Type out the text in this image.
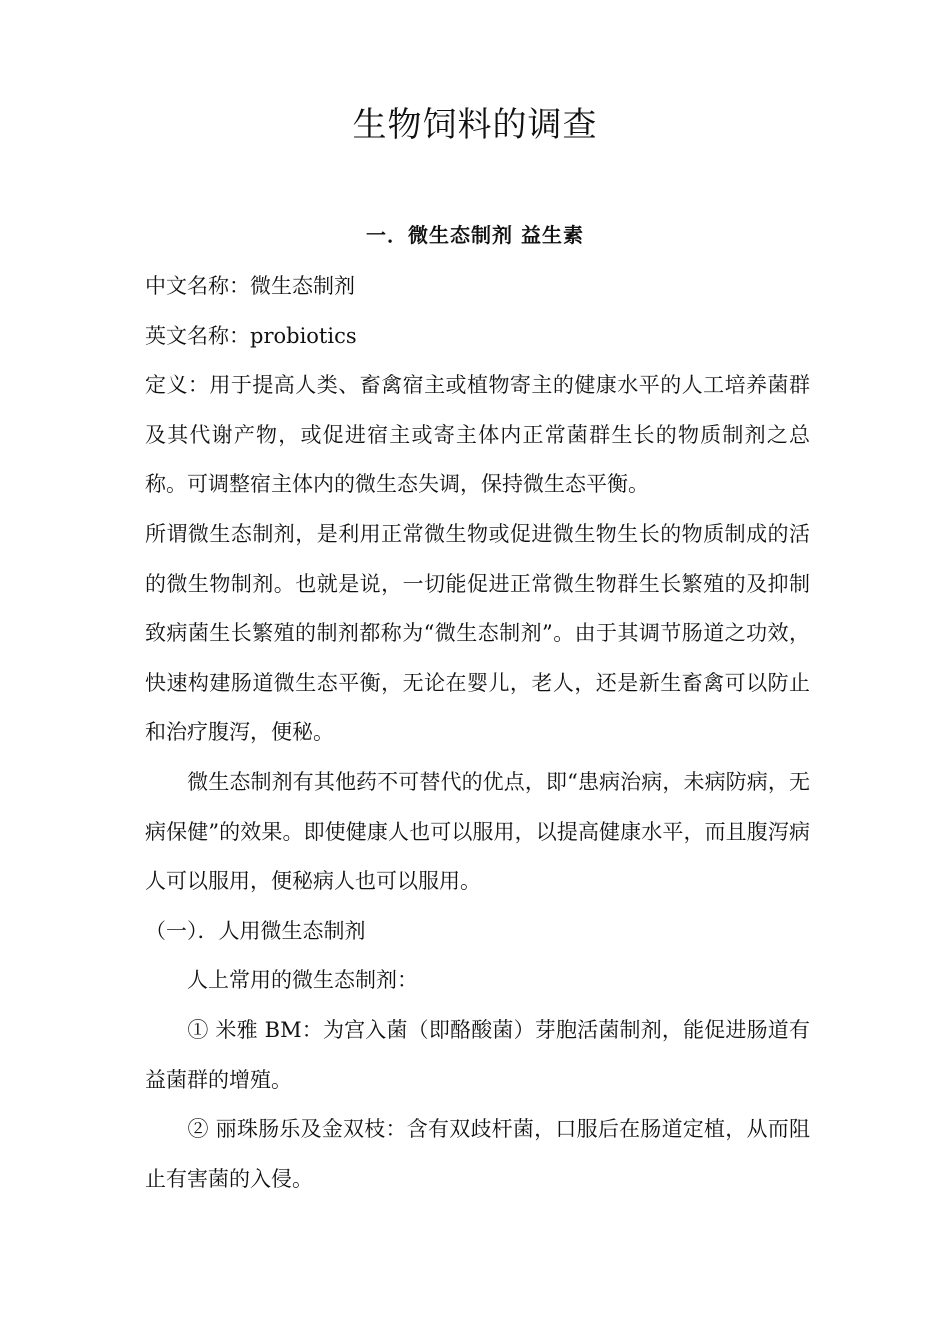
生物饲料的调查
一．微生态制剂 益生素

中文名称：微生态制剂

英文名称：probiotics

定义：用于提高人类、畜禽宿主或植物寄主的健康水平的人工培养菌群及其代谢产物，或促进宿主或寄主体内正常菌群生长的物质制剂之总称。可调整宿主体内的微生态失调，保持微生态平衡。

所谓微生态制剂，是利用正常微生物或促进微生物生长的物质制成的活的微生物制剂。也就是说，一切能促进正常微生物群生长繁殖的及抑制致病菌生长繁殖的制剂都称为“微生态制剂”。由于其调节肠道之功效，快速构建肠道微生态平衡，无论在婴儿，老人，还是新生畜禽可以防止和治疗腹泻，便秘。

　　微生态制剂有其他药不可替代的优点，即“患病治病，未病防病，无病保健”的效果。即使健康人也可以服用，以提高健康水平，而且腹泻病人可以服用，便秘病人也可以服用。

（一）．人用微生态制剂

　　人上常用的微生态制剂：

　　① 米雅 BM：为宫入菌（即酪酸菌）芽胞活菌制剂，能促进肠道有益菌群的增殖。

　　② 丽珠肠乐及金双枝：含有双歧杆菌，口服后在肠道定植，从而阻止有害菌的入侵。
